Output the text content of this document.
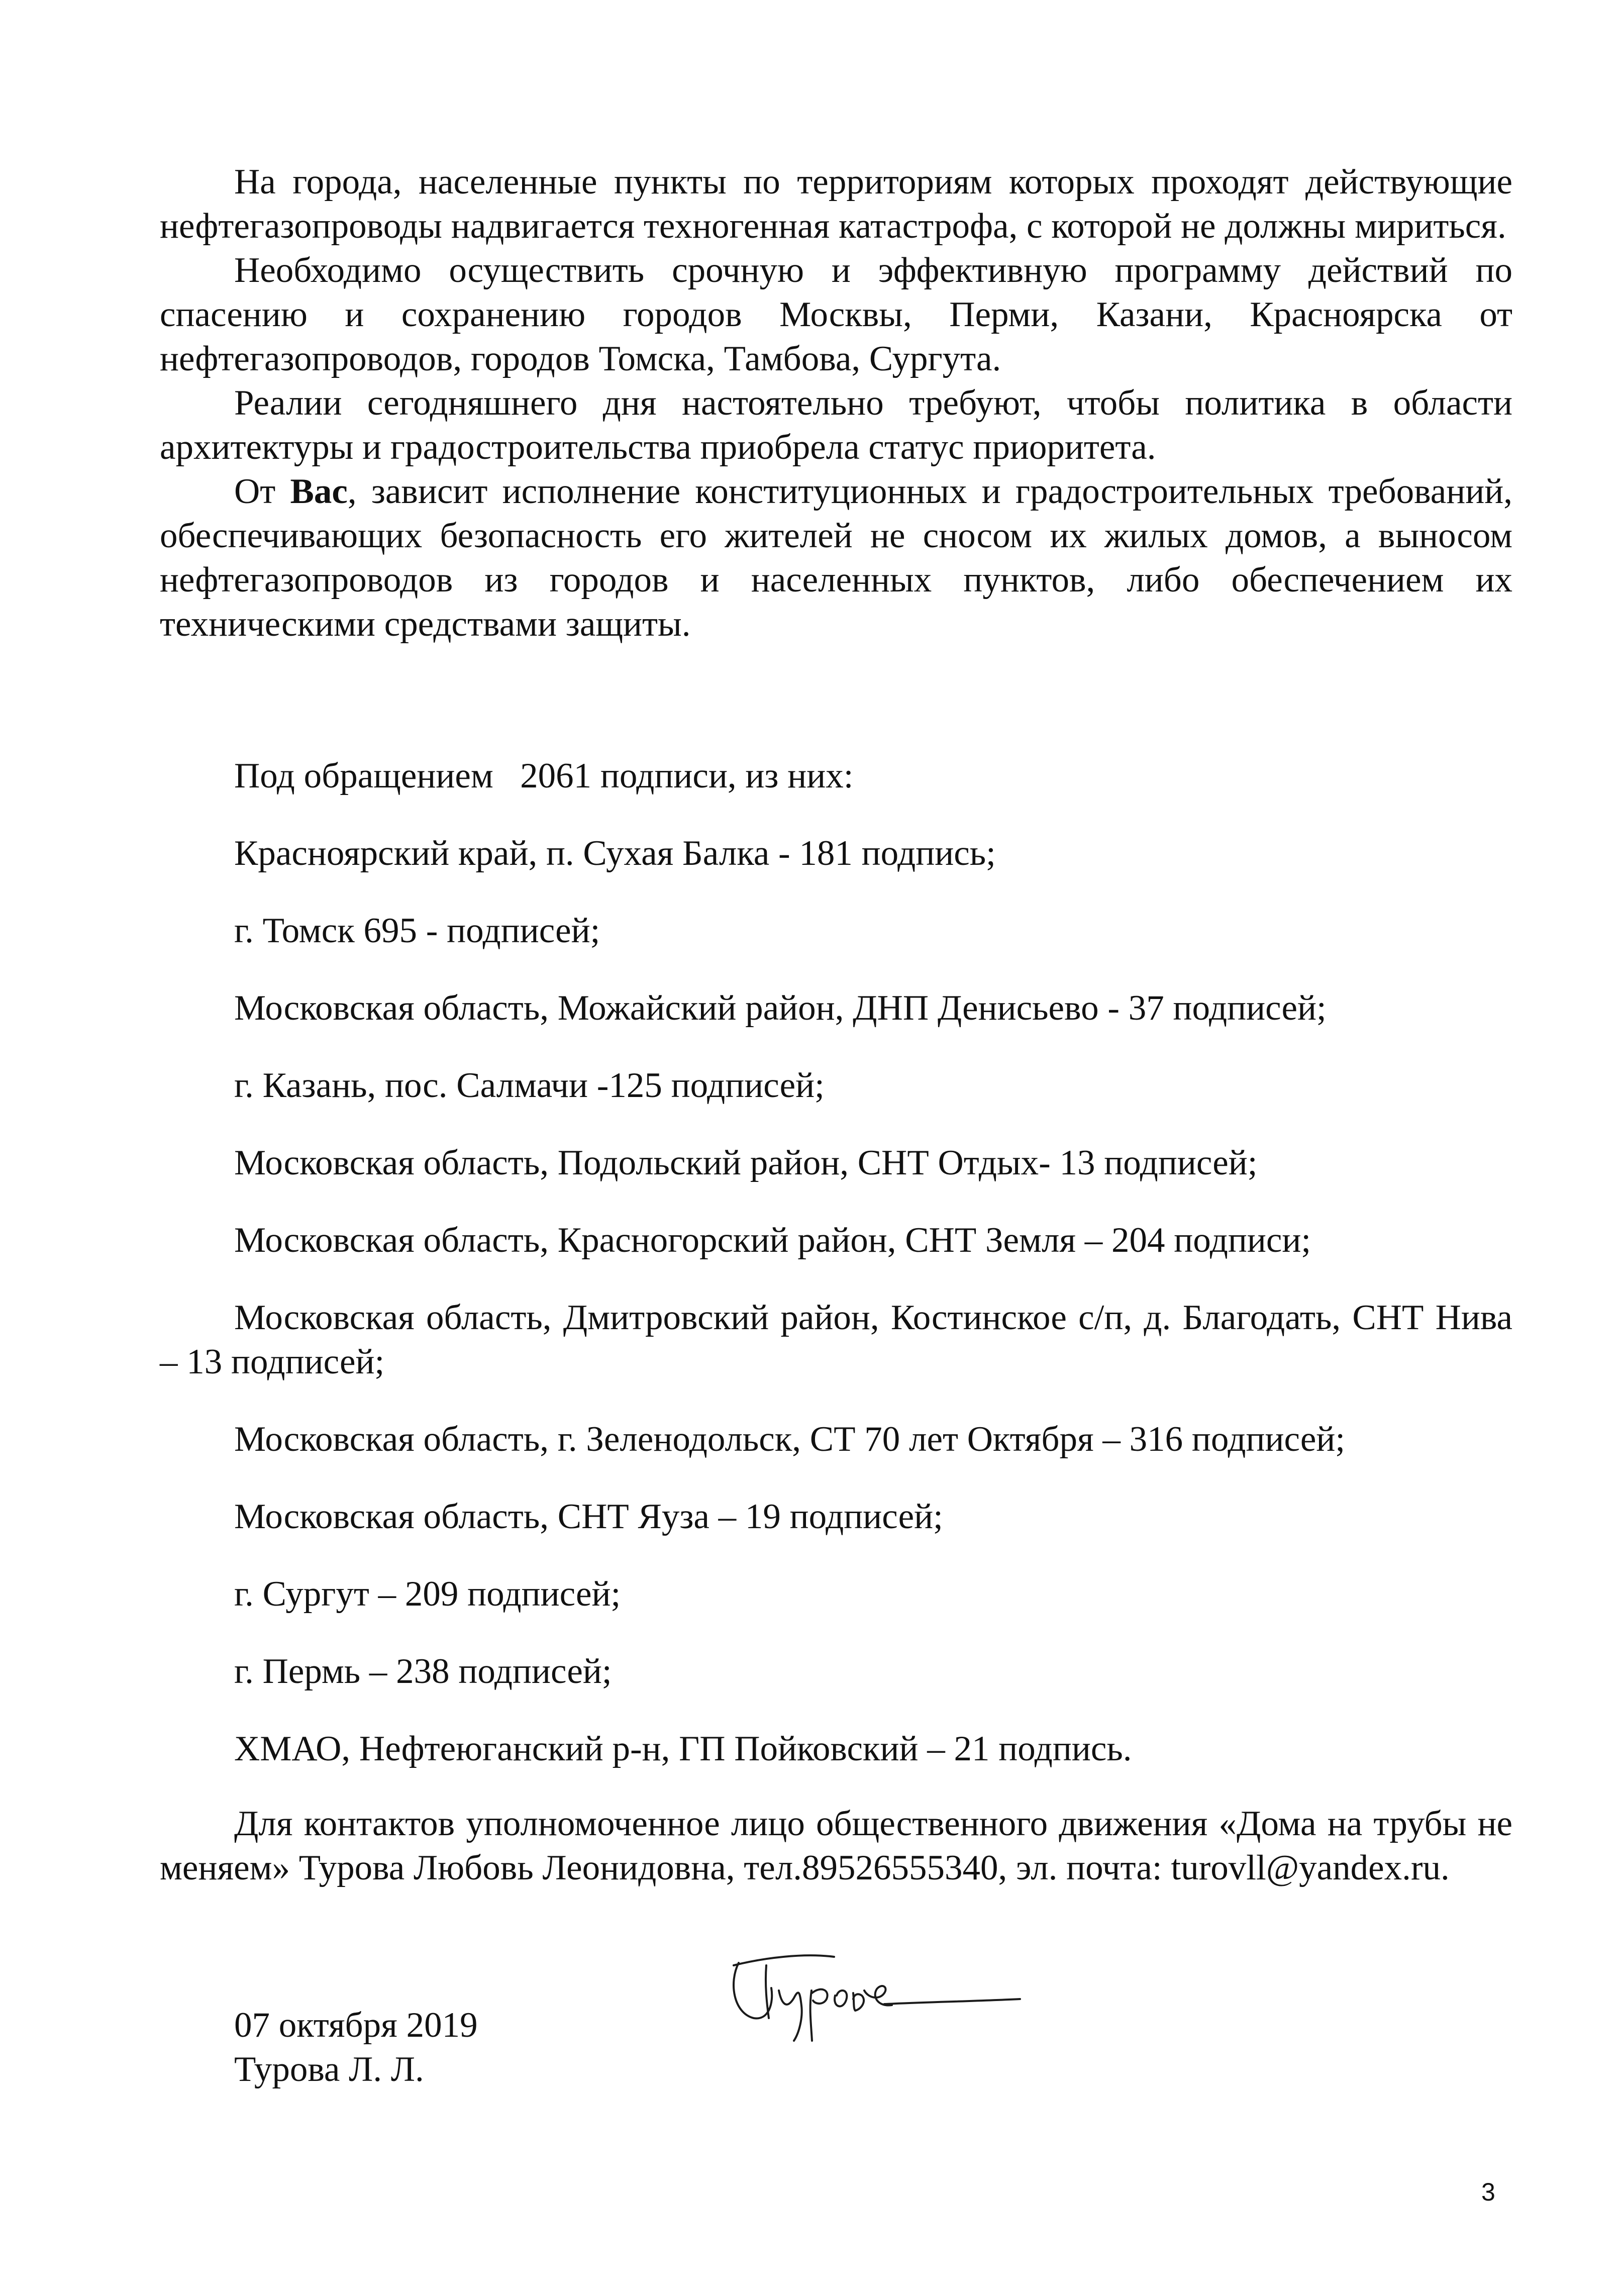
На города, населенные пункты по территориям которых проходят действующие нефтегазопроводы надвигается техногенная катастрофа, с которой не должны мириться.

Необходимо осуществить срочную и эффективную программу действий по спасению и сохранению городов Москвы, Перми, Казани, Красноярска от нефтегазопроводов, городов Томска, Тамбова, Сургута.

Реалии сегодняшнего дня настоятельно требуют, чтобы политика в области архитектуры и градостроительства приобрела статус приоритета.

От Вас, зависит исполнение конституционных и градостроительных требований, обеспечивающих безопасность его жителей не сносом их жилых домов, а выносом нефтегазопроводов из городов и населенных пунктов, либо обеспечением их техническими средствами защиты.

Под обращением   2061 подписи, из них:

Красноярский край, п. Сухая Балка - 181 подпись;

г. Томск 695 - подписей;

Московская область, Можайский район, ДНП Денисьево - 37 подписей;

г. Казань, пос. Салмачи -125 подписей;

Московская область, Подольский район, СНТ Отдых- 13 подписей;

Московская область, Красногорский район, СНТ Земля – 204 подписи;

Московская область, Дмитровский район, Костинское с/п, д. Благодать, СНТ Нива – 13 подписей;

Московская область, г. Зеленодольск, СТ 70 лет Октября – 316 подписей;

Московская область, СНТ Яуза – 19 подписей;

г. Сургут – 209 подписей;

г. Пермь – 238 подписей;

ХМАО, Нефтеюганский р-н, ГП Пойковский – 21 подпись.

Для контактов уполномоченное лицо общественного движения «Дома на трубы не меняем» Турова Любовь Леонидовна, тел.89526555340, эл. почта: turovll@yandex.ru.

07 октября 2019
Турова Л. Л.
3
